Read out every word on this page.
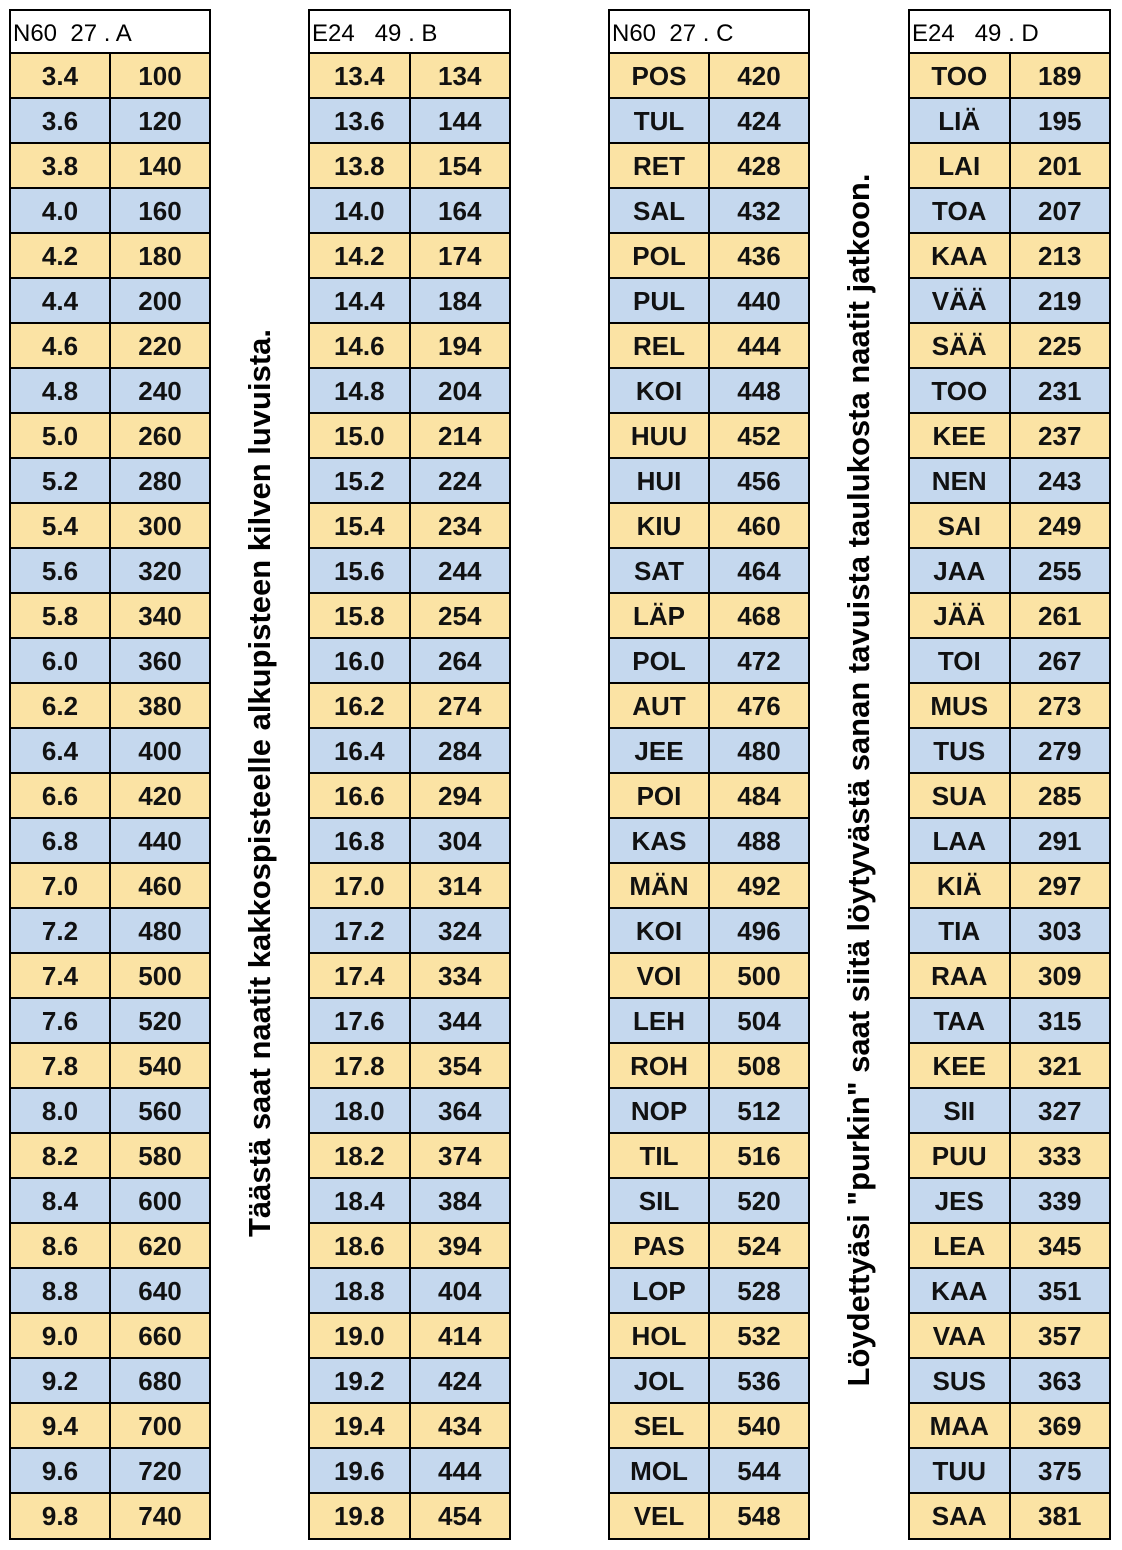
N60  27 . A
3.4	100
3.6	120
3.8	140
4.0	160
4.2	180
4.4	200
4.6	220
4.8	240
5.0	260
5.2	280
5.4	300
5.6	320
5.8	340
6.0	360
6.2	380
6.4	400
6.6	420
6.8	440
7.0	460
7.2	480
7.4	500
7.6	520
7.8	540
8.0	560
8.2	580
8.4	600
8.6	620
8.8	640
9.0	660
9.2	680
9.4	700
9.6	720
9.8	740
E24   49 . B
13.4	134
13.6	144
13.8	154
14.0	164
14.2	174
14.4	184
14.6	194
14.8	204
15.0	214
15.2	224
15.4	234
15.6	244
15.8	254
16.0	264
16.2	274
16.4	284
16.6	294
16.8	304
17.0	314
17.2	324
17.4	334
17.6	344
17.8	354
18.0	364
18.2	374
18.4	384
18.6	394
18.8	404
19.0	414
19.2	424
19.4	434
19.6	444
19.8	454
N60  27 . C
POS	420
TUL	424
RET	428
SAL	432
POL	436
PUL	440
REL	444
KOI	448
HUU	452
HUI	456
KIU	460
SAT	464
LÄP	468
POL	472
AUT	476
JEE	480
POI	484
KAS	488
MÄN	492
KOI	496
VOI	500
LEH	504
ROH	508
NOP	512
TIL	516
SIL	520
PAS	524
LOP	528
HOL	532
JOL	536
SEL	540
MOL	544
VEL	548
E24   49 . D
TOO	189
LIÄ	195
LAI	201
TOA	207
KAA	213
VÄÄ	219
SÄÄ	225
TOO	231
KEE	237
NEN	243
SAI	249
JAA	255
JÄÄ	261
TOI	267
MUS	273
TUS	279
SUA	285
LAA	291
KIÄ	297
TIA	303
RAA	309
TAA	315
KEE	321
SII	327
PUU	333
JES	339
LEA	345
KAA	351
VAA	357
SUS	363
MAA	369
TUU	375
SAA	381
Täästä saat naatit kakkospisteelle alkupisteen kilven luvuista.	Löydettyäsi "purkin" saat siitä löytyvästä sanan tavuista taulukosta naatit jatkoon.
